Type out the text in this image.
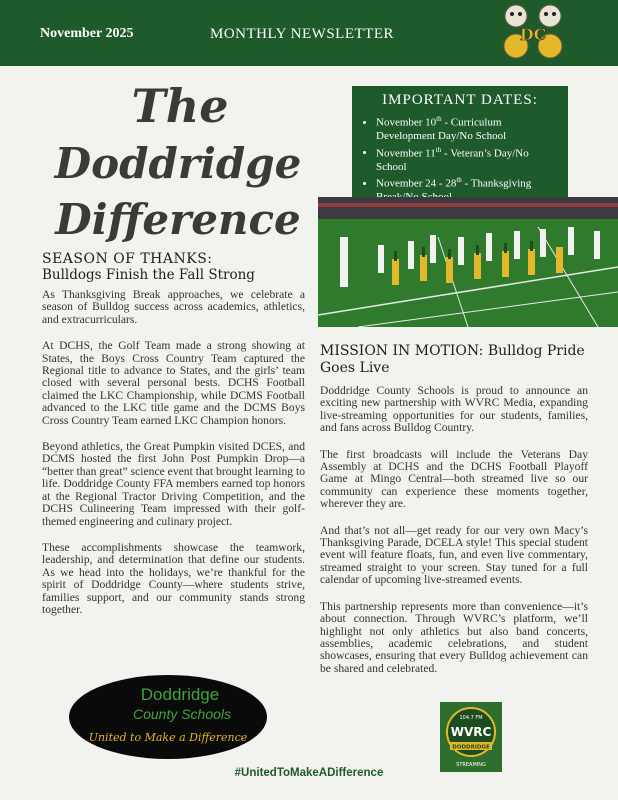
November 2025	MONTHLY NEWSLETTER	DC
The
Doddridge
Difference
IMPORTANT DATES:
• November 10th - Curriculum Development Day/No School
• November 11th - Veteran’s Day/No School
• November 24 - 28th - Thanksgiving
•
SEASON OF THANKS:
Bulldogs Finish the Fall Strong

As Thanksgiving Break approaches, we celebrate a season of Bulldog success across academics, athletics, and extracurriculars.

At DCHS, the Golf Team made a strong showing at States, the Boys Cross Country Team captured the Regional title to advance to States, and the girls’ team closed with several personal bests. DCHS Football claimed the LKC Championship, while DCMS Football advanced to the LKC title game and the DCMS Boys Cross Country Team earned LKC Champion honors.

Beyond athletics, the Great Pumpkin visited DCES, and DCMS hosted the first John Post Pumpkin Drop—a “better than great” science event that brought learning to life. Doddridge County FFA members earned top honors at the Regional Tractor Driving Competition, and the DCHS Culineering Team impressed with their golf-themed engineering and culinary project.

These accomplishments showcase the teamwork, leadership, and determination that define our students. As we head into the holidays, we’re thankful for the spirit of Doddridge County—where students strive, families support, and our community stands strong together.

MISSION IN MOTION: Bulldog Pride Goes Live

Doddridge County Schools is proud to announce an exciting new partnership with WVRC Media, expanding live-streaming opportunities for our students, families, and fans across Bulldog Country.

The first broadcasts will include the Veterans Day Assembly at DCHS and the DCHS Football Playoff Game at Mingo Central—both streamed live so our community can experience these moments together, wherever they are.

And that’s not all—get ready for our very own Macy’s Thanksgiving Parade, DCELA style! This special student event will feature floats, fun, and even live commentary, streamed straight to your screen. Stay tuned for a full calendar of upcoming live-streamed events.

This partnership represents more than convenience—it’s about connection. Through WVRC’s platform, we’ll highlight not only athletics but also band concerts, assemblies, academic celebrations, and student showcases, ensuring that every Bulldog achievement can be shared and celebrated.

Doddridge
County Schools
United to Make a Difference
104.7 FM
WVRC
DODDRIDGE
STREAMING
#UnitedToMakeADifference
